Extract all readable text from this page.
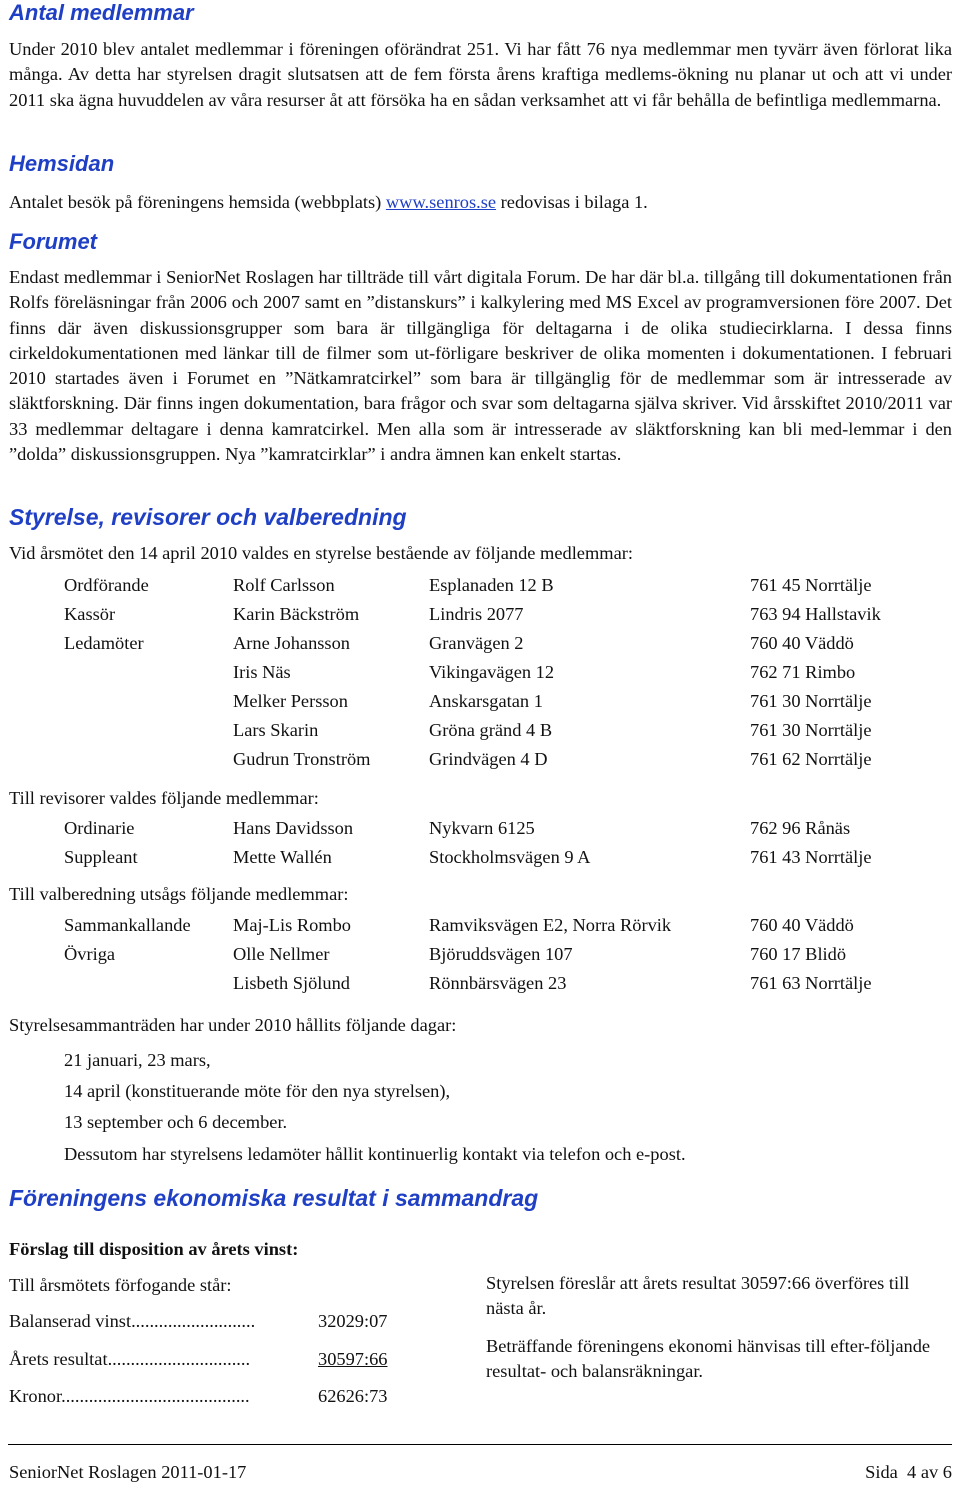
Antal medlemmar

Under 2010 blev antalet medlemmar i föreningen oförändrat 251. Vi har fått 76 nya medlemmar men tyvärr även förlorat lika många. Av detta har styrelsen dragit slutsatsen att de fem första årens kraftiga medlems-ökning nu planar ut och att vi under 2011 ska ägna huvuddelen av våra resurser åt att försöka ha en sådan verksamhet att vi får behålla de befintliga medlemmarna.

Hemsidan
Antalet besök på föreningens hemsida (webbplats) www.senros.se redovisas i bilaga 1.
Forumet

Endast medlemmar i SeniorNet Roslagen har tillträde till vårt digitala Forum. De har där bl.a. tillgång till dokumentationen från Rolfs föreläsningar från 2006 och 2007 samt en ”distanskurs” i kalkylering med MS Excel av programversionen före 2007. Det finns där även diskussionsgrupper som bara är tillgängliga för deltagarna i de olika studiecirklarna. I dessa finns cirkeldokumentationen med länkar till de filmer som ut-förligare beskriver de olika momenten i dokumentationen. I februari 2010 startades även i Forumet en ”Nätkamratcirkel” som bara är tillgänglig för de medlemmar som är intresserade av släktforskning. Där finns ingen dokumentation, bara frågor och svar som deltagarna själva skriver. Vid årsskiftet 2010/2011 var 33 medlemmar deltagare i denna kamratcirkel. Men alla som är intresserade av släktforskning kan bli med-lemmar i den ”dolda” diskussionsgruppen. Nya ”kamratcirklar” i andra ämnen kan enkelt startas.

Styrelse, revisorer och valberedning
Vid årsmötet den 14 april 2010 valdes en styrelse bestående av följande medlemmar:
Ordförande	Rolf Carlsson	Esplanaden 12 B	761 45 Norrtälje
Kassör	Karin Bäckström	Lindris 2077	763 94 Hallstavik
Ledamöter	Arne Johansson	Granvägen 2	760 40 Väddö
Iris Näs	Vikingavägen 12	762 71 Rimbo
Melker Persson	Anskarsgatan 1	761 30 Norrtälje
Lars Skarin	Gröna gränd 4 B	761 30 Norrtälje
Gudrun Tronström	Grindvägen 4 D	761 62 Norrtälje
Till revisorer valdes följande medlemmar:
Ordinarie	Hans Davidsson	Nykvarn 6125	762 96 Rånäs
Suppleant	Mette Wallén	Stockholmsvägen 9 A	761 43 Norrtälje
Till valberedning utsågs följande medlemmar:
Sammankallande Maj-Lis Rombo	Ramviksvägen E2, Norra Rörvik	760 40 Väddö
Övriga	Olle Nellmer	Björuddsvägen 107	760 17 Blidö
Lisbeth Sjölund	Rönnbärsvägen 23	761 63 Norrtälje
Styrelsesammanträden har under 2010 hållits följande dagar:
21 januari, 23 mars,
14 april (konstituerande möte för den nya styrelsen),
13 september och 6 december.
Dessutom har styrelsens ledamöter hållit kontinuerlig kontakt via telefon och e-post.
Föreningens ekonomiska resultat i sammandrag
Förslag till disposition av årets vinst:
Till årsmötets förfogande står:
Balanserad vinst...........................	32029:07
Årets resultat...............................	30597:66
Kronor.........................................	62626:73
Styrelsen föreslår att årets resultat 30597:66 överföres till nästa år.
Beträffande föreningens ekonomi hänvisas till efter-följande resultat- och balansräkningar.
SeniorNet Roslagen 2011-01-17	Sida 4 av 6
